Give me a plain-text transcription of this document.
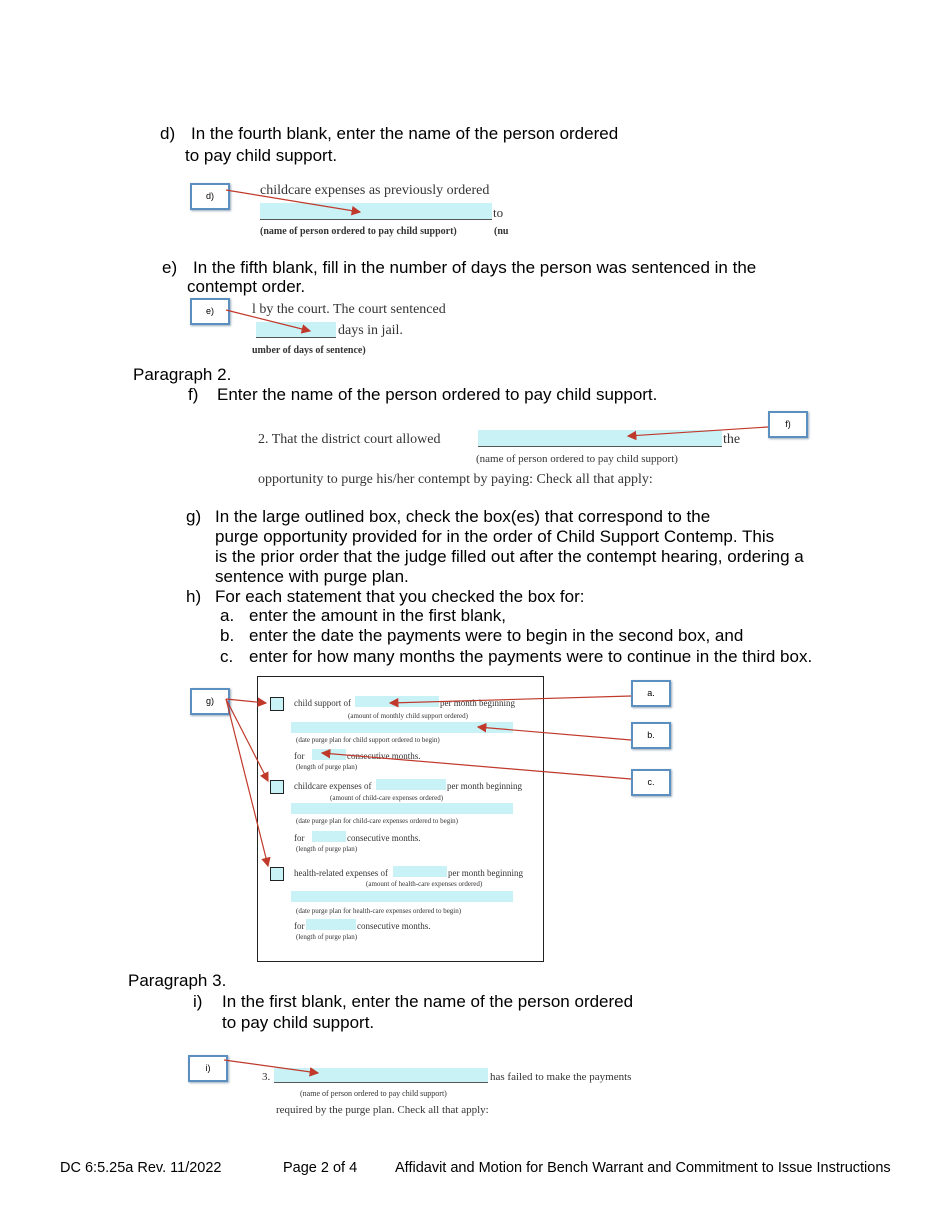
d) In the fourth blank, enter the name of the person ordered
to pay child support.
d)	childcare expenses as previously ordered
to
(name of person ordered to pay child support)	(nu
e) In the fifth blank, fill in the number of days the person was sentenced in the
contempt order.
e)	l by the court. The court sentenced
days in jail.
umber of days of sentence)
Paragraph 2.
f) Enter the name of the person ordered to pay child support.
f)
2. That the district court allowed	the
(name of person ordered to pay child support)
opportunity to purge his/her contempt by paying: Check all that apply:
g) In the large outlined box, check the box(es) that correspond to the
purge opportunity provided for in the order of Child Support Contemp. This
is the prior order that the judge filled out after the contempt hearing, ordering a
sentence with purge plan.
h) For each statement that you checked the box for:
a. enter the amount in the first blank,
b. enter the date the payments were to begin in the second box, and
c. enter for how many months the payments were to continue in the third box.
g)
a.
b.
c.
child support of	per month beginning
(amount of monthly child support ordered)
(date purge plan for child support ordered to begin)
for	consecutive months.
(length of purge plan)
childcare expenses of	per month beginning
(amount of child-care expenses ordered)
(date purge plan for child-care expenses ordered to begin)
for	consecutive months.
(length of purge plan)
health-related expenses of	per month beginning
(amount of health-care expenses ordered)
(date purge plan for health-care expenses ordered to begin)
for	consecutive months.
(length of purge plan)
Paragraph 3.
i) In the first blank, enter the name of the person ordered
to pay child support.
i)
3.	has failed to make the payments
(name of person ordered to pay child support)
required by the purge plan. Check all that apply:
DC 6:5.25a Rev. 11/2022	Page 2 of 4	Affidavit and Motion for Bench Warrant and Commitment to Issue Instructions
